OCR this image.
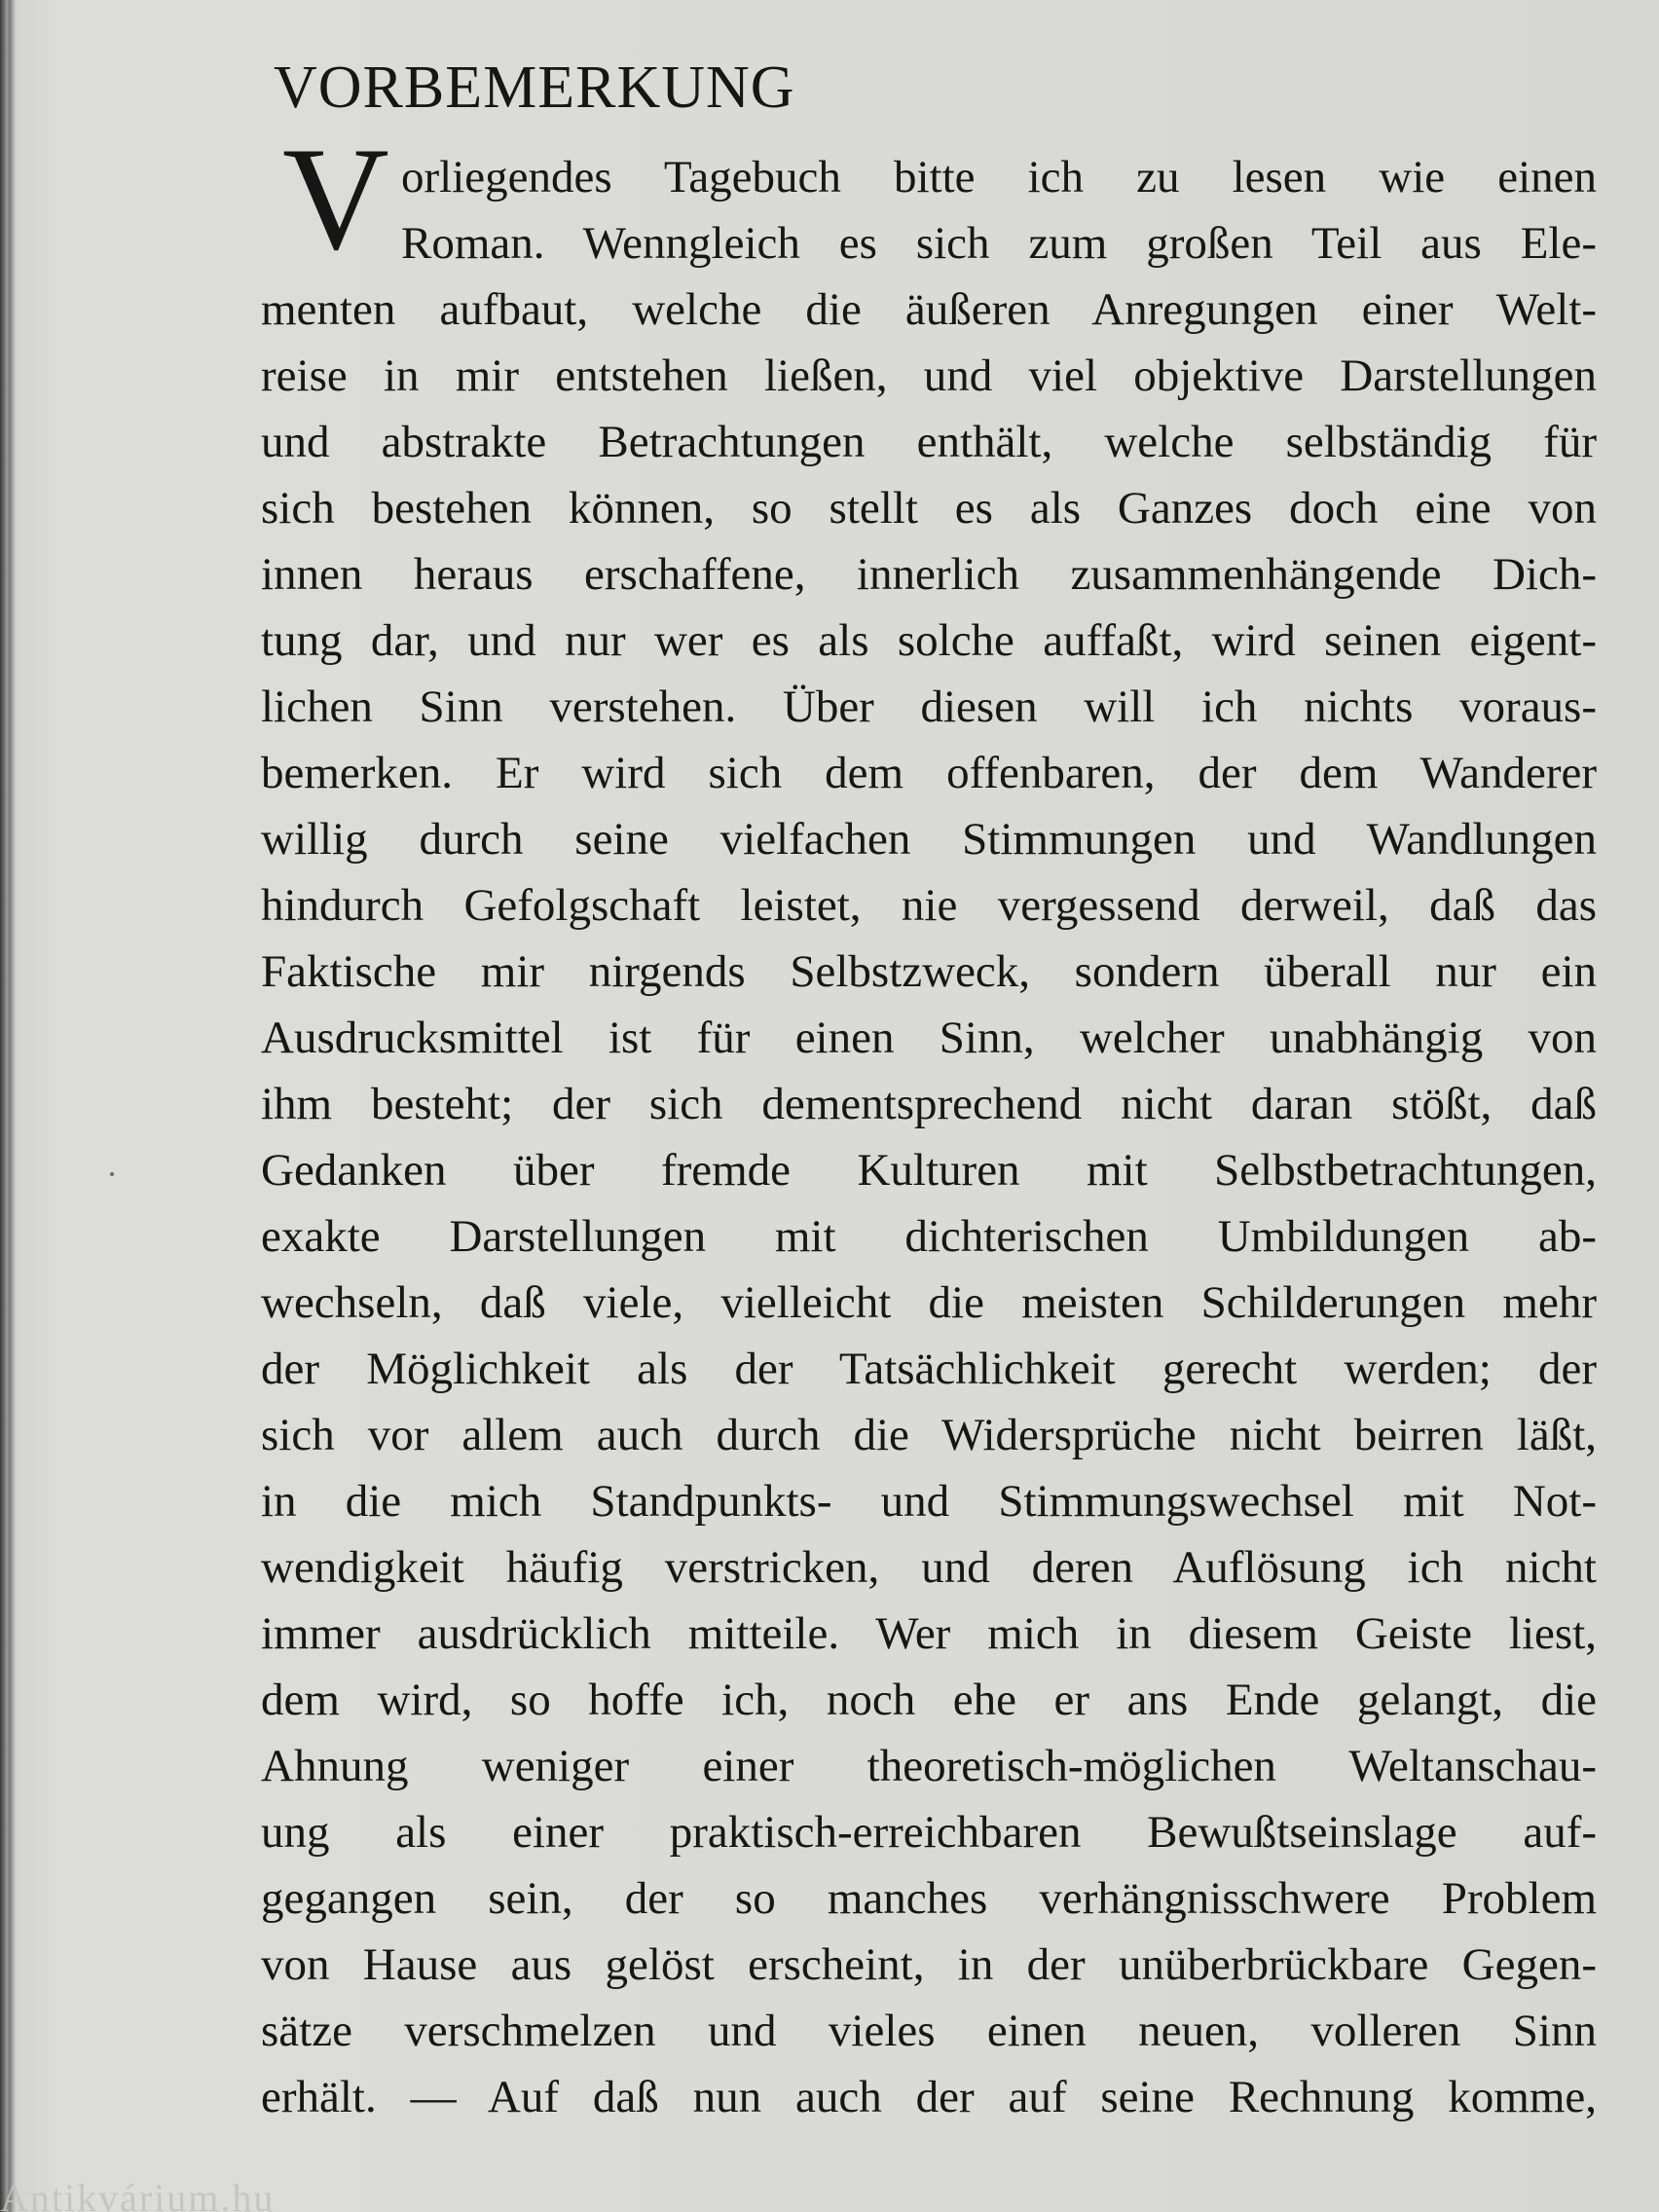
VORBEMERKUNG
V orliegendes Tagebuch bitte ich zu lesen wie einen
Roman. Wenngleich es sich zum großen Teil aus Ele-
menten aufbaut, welche die äußeren Anregungen einer Welt-
reise in mir entstehen ließen, und viel objektive Darstellungen
und abstrakte Betrachtungen enthält, welche selbständig für
sich bestehen können, so stellt es als Ganzes doch eine von
innen heraus erschaffene, innerlich zusammenhängende Dich-
tung dar, und nur wer es als solche auffaßt, wird seinen eigent-
lichen Sinn verstehen. Über diesen will ich nichts voraus-
bemerken. Er wird sich dem offenbaren, der dem Wanderer
willig durch seine vielfachen Stimmungen und Wandlungen
hindurch Gefolgschaft leistet, nie vergessend derweil, daß das
Faktische mir nirgends Selbstzweck, sondern überall nur ein
Ausdrucksmittel ist für einen Sinn, welcher unabhängig von
ihm besteht; der sich dementsprechend nicht daran stößt, daß
Gedanken über fremde Kulturen mit Selbstbetrachtungen,
exakte Darstellungen mit dichterischen Umbildungen ab-
wechseln, daß viele, vielleicht die meisten Schilderungen mehr
der Möglichkeit als der Tatsächlichkeit gerecht werden; der
sich vor allem auch durch die Widersprüche nicht beirren läßt,
in die mich Standpunkts- und Stimmungswechsel mit Not-
wendigkeit häufig verstricken, und deren Auflösung ich nicht
immer ausdrücklich mitteile. Wer mich in diesem Geiste liest,
dem wird, so hoffe ich, noch ehe er ans Ende gelangt, die
Ahnung weniger einer theoretisch-möglichen Weltanschau-
ung als einer praktisch-erreichbaren Bewußtseinslage auf-
gegangen sein, der so manches verhängnisschwere Problem
von Hause aus gelöst erscheint, in der unüberbrückbare Gegen-
sätze verschmelzen und vieles einen neuen, volleren Sinn
erhält. — Auf daß nun auch der auf seine Rechnung komme,
Antikvárium.hu
